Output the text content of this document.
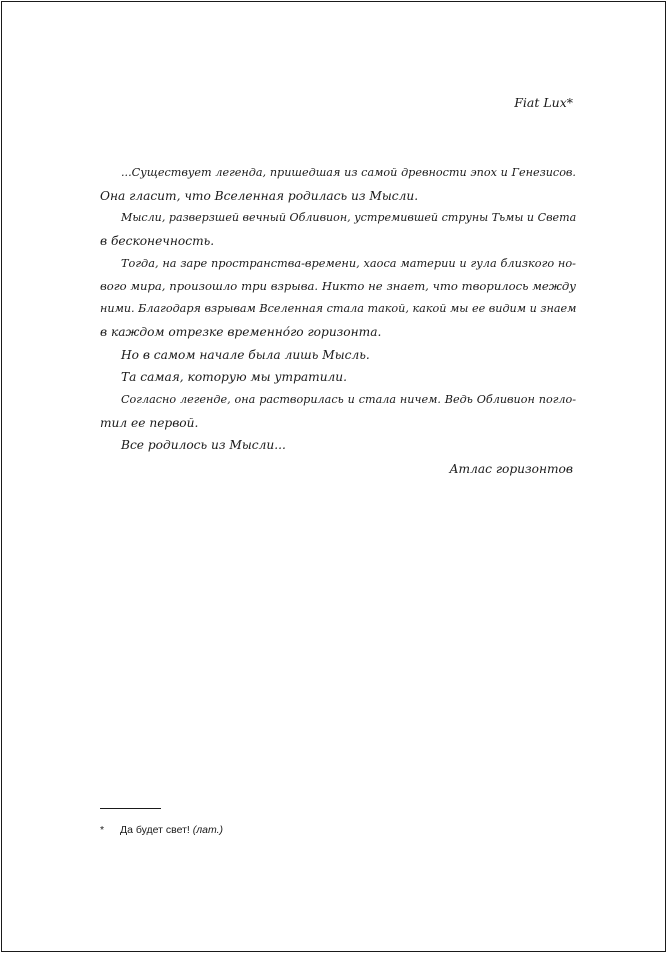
Fiat Lux*
...Существует легенда, пришедшая из самой древности эпох и Генезисов.
Она гласит, что Вселенная родилась из Мысли.
Мысли, разверзшей вечный Обливион, устремившей струны Тьмы и Света
в бесконечность.
Тогда, на заре пространства-времени, хаоса материи и гула близкого но-
вого мира, произошло три взрыва. Никто не знает, что творилось между
ними. Благодаря взрывам Вселенная стала такой, какой мы ее видим и знаем
в каждом отрезке временно́го горизонта.
Но в самом начале была лишь Мысль.
Та самая, которую мы утратили.
Согласно легенде, она растворилась и стала ничем. Ведь Обливион погло-
тил ее первой.
Все родилось из Мысли...
Атлас горизонтов
* Да будет свет! (лат.)
